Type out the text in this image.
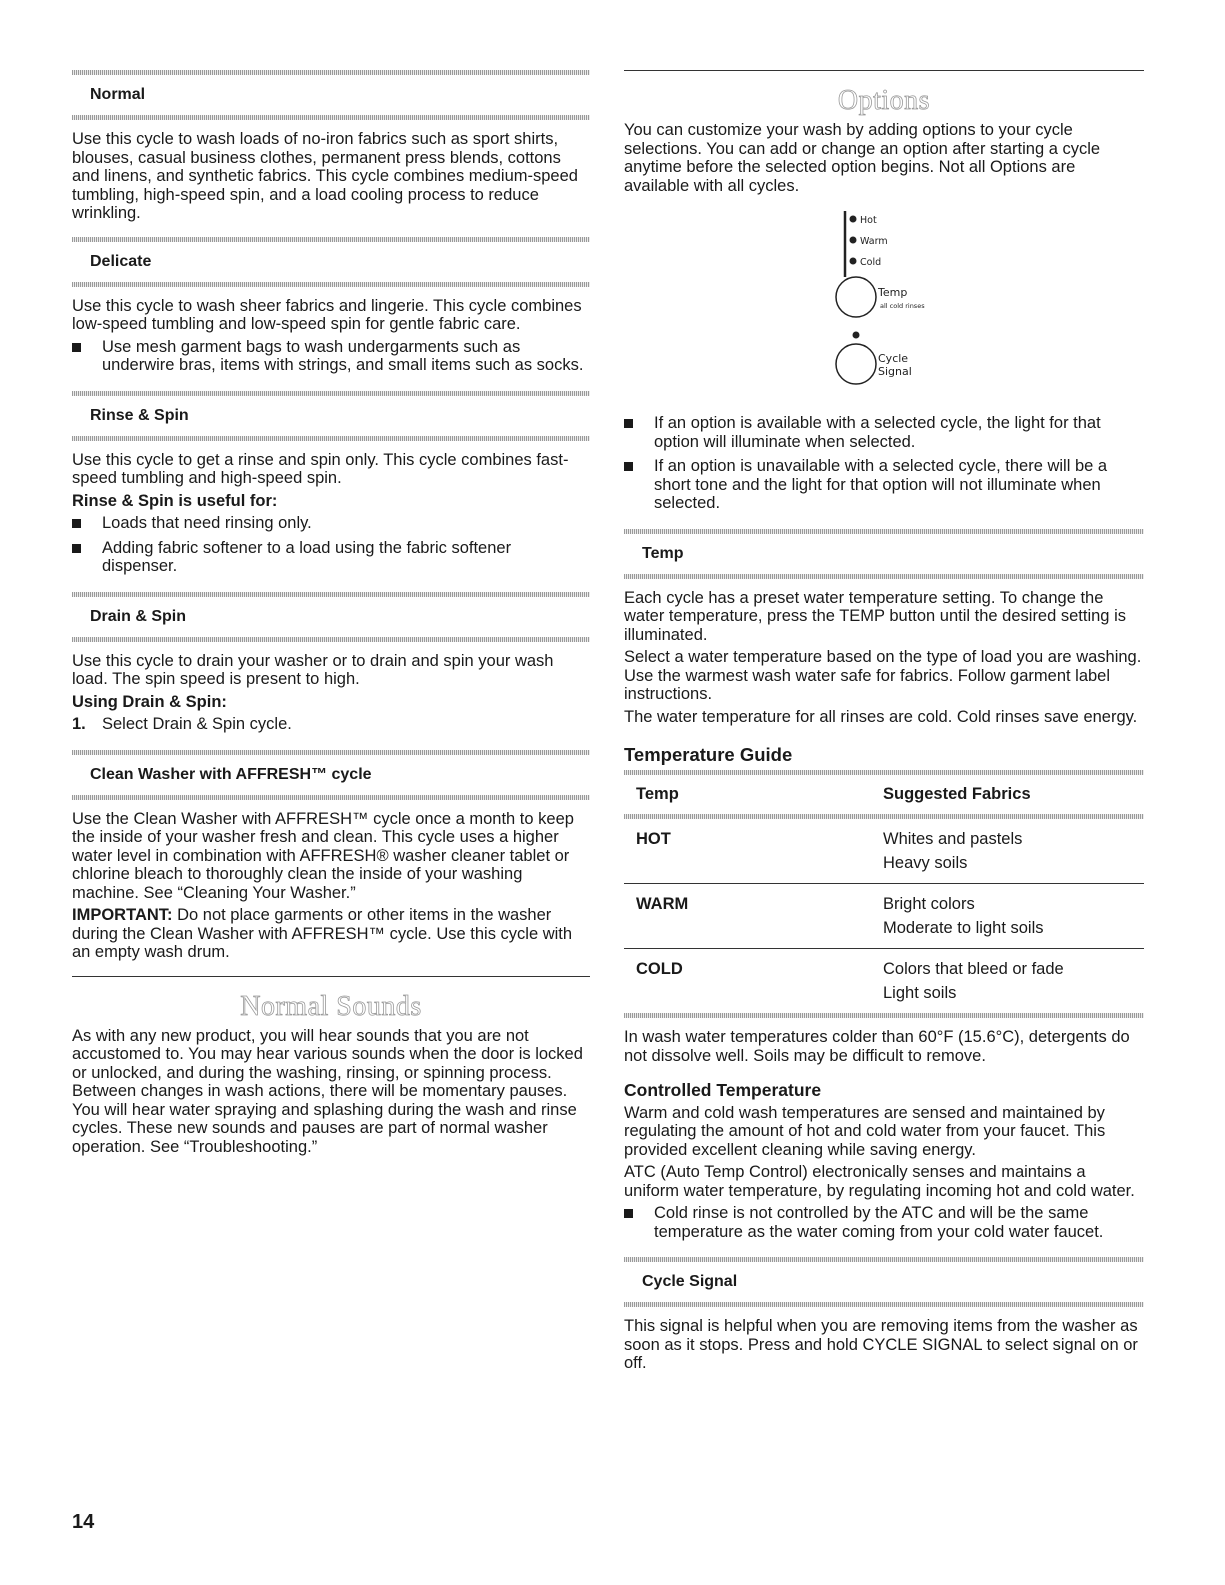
Normal

Use this cycle to wash loads of no-iron fabrics such as sport shirts, blouses, casual business clothes, permanent press blends, cottons and linens, and synthetic fabrics. This cycle combines medium-speed tumbling, high-speed spin, and a load cooling process to reduce wrinkling.

Delicate

Use this cycle to wash sheer fabrics and lingerie. This cycle combines low-speed tumbling and low-speed spin for gentle fabric care.

Use mesh garment bags to wash undergarments such as underwire bras, items with strings, and small items such as socks.
Rinse & Spin

Use this cycle to get a rinse and spin only. This cycle combines fast-speed tumbling and high-speed spin.

Rinse & Spin is useful for:
Loads that need rinsing only.
Adding fabric softener to a load using the fabric softener dispenser.
Drain & Spin

Use this cycle to drain your washer or to drain and spin your wash load. The spin speed is present to high.

Using Drain & Spin:
1. Select Drain & Spin cycle.
Clean Washer with AFFRESH™ cycle

Use the Clean Washer with AFFRESH™ cycle once a month to keep the inside of your washer fresh and clean. This cycle uses a higher water level in combination with AFFRESH® washer cleaner tablet or chlorine bleach to thoroughly clean the inside of your washing machine. See “Cleaning Your Washer.”

IMPORTANT: Do not place garments or other items in the washer during the Clean Washer with AFFRESH™ cycle. Use this cycle with an empty wash drum.

Normal Sounds

As with any new product, you will hear sounds that you are not accustomed to. You may hear various sounds when the door is locked or unlocked, and during the washing, rinsing, or spinning process. Between changes in wash actions, there will be momentary pauses. You will hear water spraying and splashing during the wash and rinse cycles. These new sounds and pauses are part of normal washer operation. See “Troubleshooting.”

Options

You can customize your wash by adding options to your cycle selections. You can add or change an option after starting a cycle anytime before the selected option begins. Not all Options are available with all cycles.

Hot
Warm
Cold
Temp
all cold rinses
Cycle
Signal
If an option is available with a selected cycle, the light for that option will illuminate when selected.
If an option is unavailable with a selected cycle, there will be a short tone and the light for that option will not illuminate when selected.
Temp

Each cycle has a preset water temperature setting. To change the water temperature, press the TEMP button until the desired setting is illuminated.

Select a water temperature based on the type of load you are washing. Use the warmest wash water safe for fabrics. Follow garment label instructions.

The water temperature for all rinses are cold. Cold rinses save energy.

Temperature Guide
Temp	Suggested Fabrics
HOT	Whites and pastels
Heavy soils
WARM	Bright colors
Moderate to light soils
COLD	Colors that bleed or fade
Light soils

In wash water temperatures colder than 60°F (15.6°C), detergents do not dissolve well. Soils may be difficult to remove.

Controlled Temperature

Warm and cold wash temperatures are sensed and maintained by regulating the amount of hot and cold water from your faucet. This provided excellent cleaning while saving energy.

ATC (Auto Temp Control) electronically senses and maintains a uniform water temperature, by regulating incoming hot and cold water.

Cold rinse is not controlled by the ATC and will be the same temperature as the water coming from your cold water faucet.
Cycle Signal

This signal is helpful when you are removing items from the washer as soon as it stops. Press and hold CYCLE SIGNAL to select signal on or off.

14
